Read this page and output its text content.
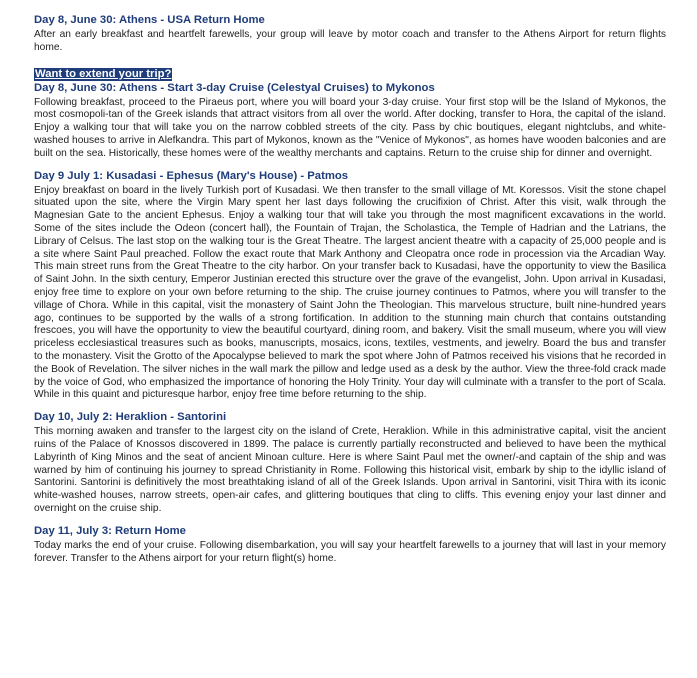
Day 8, June 30: Athens - USA Return Home

After an early breakfast and heartfelt farewells, your group will leave by motor coach and transfer to the Athens Airport for return flights home.

Want to extend your trip?
Day 8, June 30: Athens - Start 3-day Cruise (Celestyal Cruises) to Mykonos

Following breakfast, proceed to the Piraeus port, where you will board your 3-day cruise. Your first stop will be the Island of Mykonos, the most cosmopoli-tan of the Greek islands that attract visitors from all over the world. After docking, transfer to Hora, the capital of the island. Enjoy a walking tour that will take you on the narrow cobbled streets of the city. Pass by chic boutiques, elegant nightclubs, and white-washed houses to arrive in Alefkandra. This part of Mykonos, known as the "Venice of Mykonos", as homes have wooden balconies and are built on the sea. Historically, these homes were of the wealthy merchants and captains. Return to the cruise ship for dinner and overnight.

Day 9 July 1: Kusadasi - Ephesus (Mary's House) - Patmos

Enjoy breakfast on board in the lively Turkish port of Kusadasi. We then transfer to the small village of Mt. Koressos. Visit the stone chapel situated upon the site, where the Virgin Mary spent her last days following the crucifixion of Christ. After this visit, walk through the Magnesian Gate to the ancient Ephesus. Enjoy a walking tour that will take you through the most magnificent excavations in the world. Some of the sites include the Odeon (concert hall), the Fountain of Trajan, the Scholastica, the Temple of Hadrian and the Latrians, the Library of Celsus. The last stop on the walking tour is the Great Theatre. The largest ancient theatre with a capacity of 25,000 people and is a site where Saint Paul preached. Follow the exact route that Mark Anthony and Cleopatra once rode in procession via the Arcadian Way. This main street runs from the Great Theatre to the city harbor. On your transfer back to Kusadasi, have the opportunity to view the Basilica of Saint John. In the sixth century, Emperor Justinian erected this structure over the grave of the evangelist, John. Upon arrival in Kusadasi, enjoy free time to explore on your own before returning to the ship. The cruise journey continues to Patmos, where you will transfer to the village of Chora. While in this capital, visit the monastery of Saint John the Theologian. This marvelous structure, built nine-hundred years ago, continues to be supported by the walls of a strong fortification. In addition to the stunning main church that contains outstanding frescoes, you will have the opportunity to view the beautiful courtyard, dining room, and bakery. Visit the small museum, where you will view priceless ecclesiastical treasures such as books, manuscripts, mosaics, icons, textiles, vestments, and jewelry. Board the bus and transfer to the monastery. Visit the Grotto of the Apocalypse believed to mark the spot where John of Patmos received his visions that he recorded in the Book of Revelation. The silver niches in the wall mark the pillow and ledge used as a desk by the author. View the three-fold crack made by the voice of God, who emphasized the importance of honoring the Holy Trinity. Your day will culminate with a transfer to the port of Scala. While in this quaint and picturesque harbor, enjoy free time before returning to the ship.

Day 10, July 2: Heraklion - Santorini

This morning awaken and transfer to the largest city on the island of Crete, Heraklion. While in this administrative capital, visit the ancient ruins of the Palace of Knossos discovered in 1899. The palace is currently partially reconstructed and believed to have been the mythical Labyrinth of King Minos and the seat of ancient Minoan culture. Here is where Saint Paul met the owner/-and captain of the ship and was warned by him of continuing his journey to spread Christianity in Rome. Following this historical visit, embark by ship to the idyllic island of Santorini. Santorini is definitively the most breathtaking island of all of the Greek Islands. Upon arrival in Santorini, visit Thira with its iconic white-washed houses, narrow streets, open-air cafes, and glittering boutiques that cling to cliffs. This evening enjoy your last dinner and overnight on the cruise ship.

Day 11, July 3: Return Home

Today marks the end of your cruise. Following disembarkation, you will say your heartfelt farewells to a journey that will last in your memory forever. Transfer to the Athens airport for your return flight(s) home.
